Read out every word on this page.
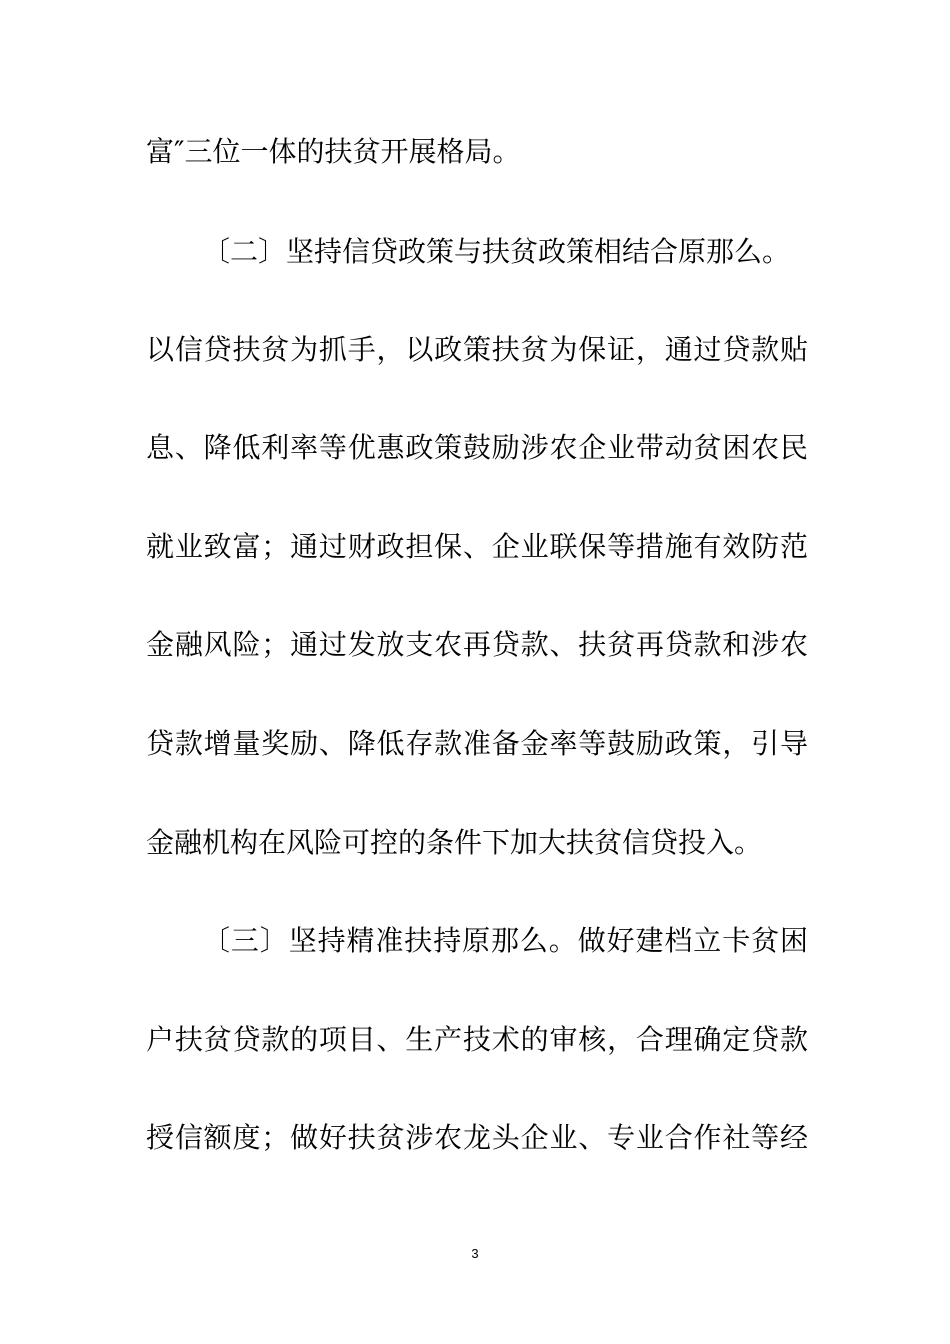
富″三位一体的扶贫开展格局。
〔二〕坚持信贷政策与扶贫政策相结合原那么。
以信贷扶贫为抓手，以政策扶贫为保证，通过贷款贴
息、降低利率等优惠政策鼓励涉农企业带动贫困农民
就业致富；通过财政担保、企业联保等措施有效防范
金融风险；通过发放支农再贷款、扶贫再贷款和涉农
贷款增量奖励、降低存款准备金率等鼓励政策，引导
金融机构在风险可控的条件下加大扶贫信贷投入。
〔三〕坚持精准扶持原那么。做好建档立卡贫困
户扶贫贷款的项目、生产技术的审核，合理确定贷款
授信额度；做好扶贫涉农龙头企业、专业合作社等经
3
